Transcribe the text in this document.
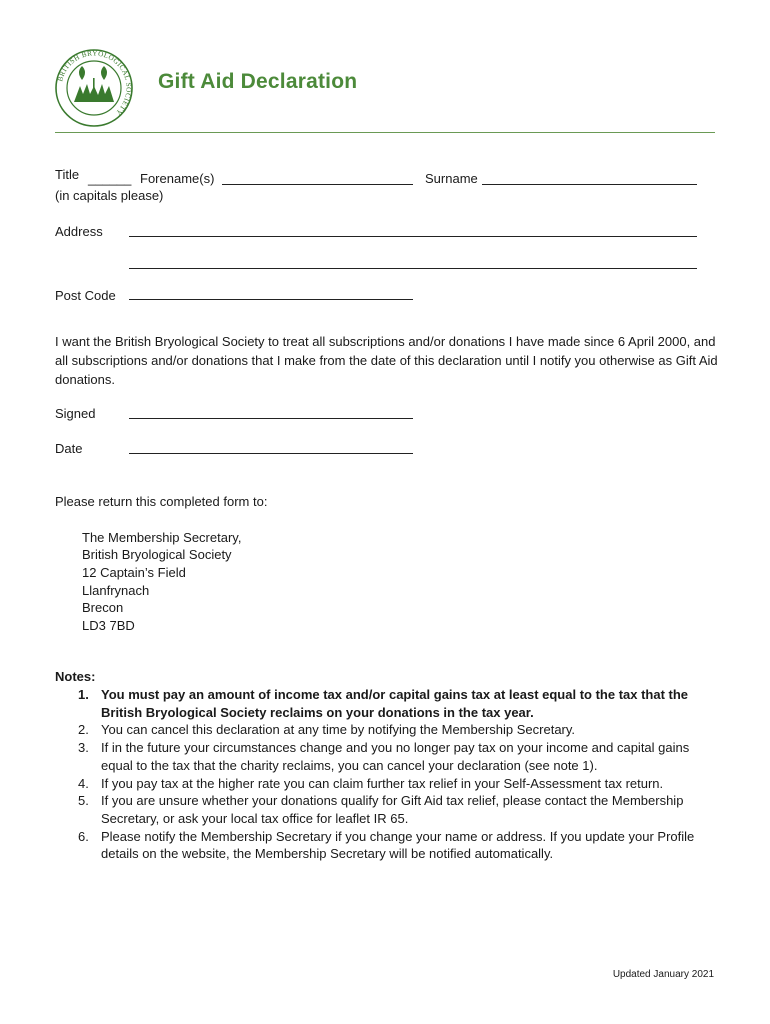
BRITISH BRYOLOGICAL SOCIETY
Gift Aid Declaration
Title ______ Forename(s)	Surname
(in capitals please)
Address
Post Code
I want the British Bryological Society to treat all subscriptions and/or donations I have made since 6 April 2000, and all subscriptions and/or donations that I make from the date of this declaration until I notify you otherwise as Gift Aid donations.
Signed
Date
Please return this completed form to:
The Membership Secretary,
British Bryological Society
12 Captain’s Field
Llanfrynach
Brecon
LD3 7BD
Notes:
1. You must pay an amount of income tax and/or capital gains tax at least equal to the tax that the British Bryological Society reclaims on your donations in the tax year.
2. You can cancel this declaration at any time by notifying the Membership Secretary.
3. If in the future your circumstances change and you no longer pay tax on your income and capital gains equal to the tax that the charity reclaims, you can cancel your declaration (see note 1).
4. If you pay tax at the higher rate you can claim further tax relief in your Self-Assessment tax return.
5. If you are unsure whether your donations qualify for Gift Aid tax relief, please contact the Membership Secretary, or ask your local tax office for leaflet IR 65.
6. Please notify the Membership Secretary if you change your name or address. If you update your Profile details on the website, the Membership Secretary will be notified automatically.
Updated January 2021
